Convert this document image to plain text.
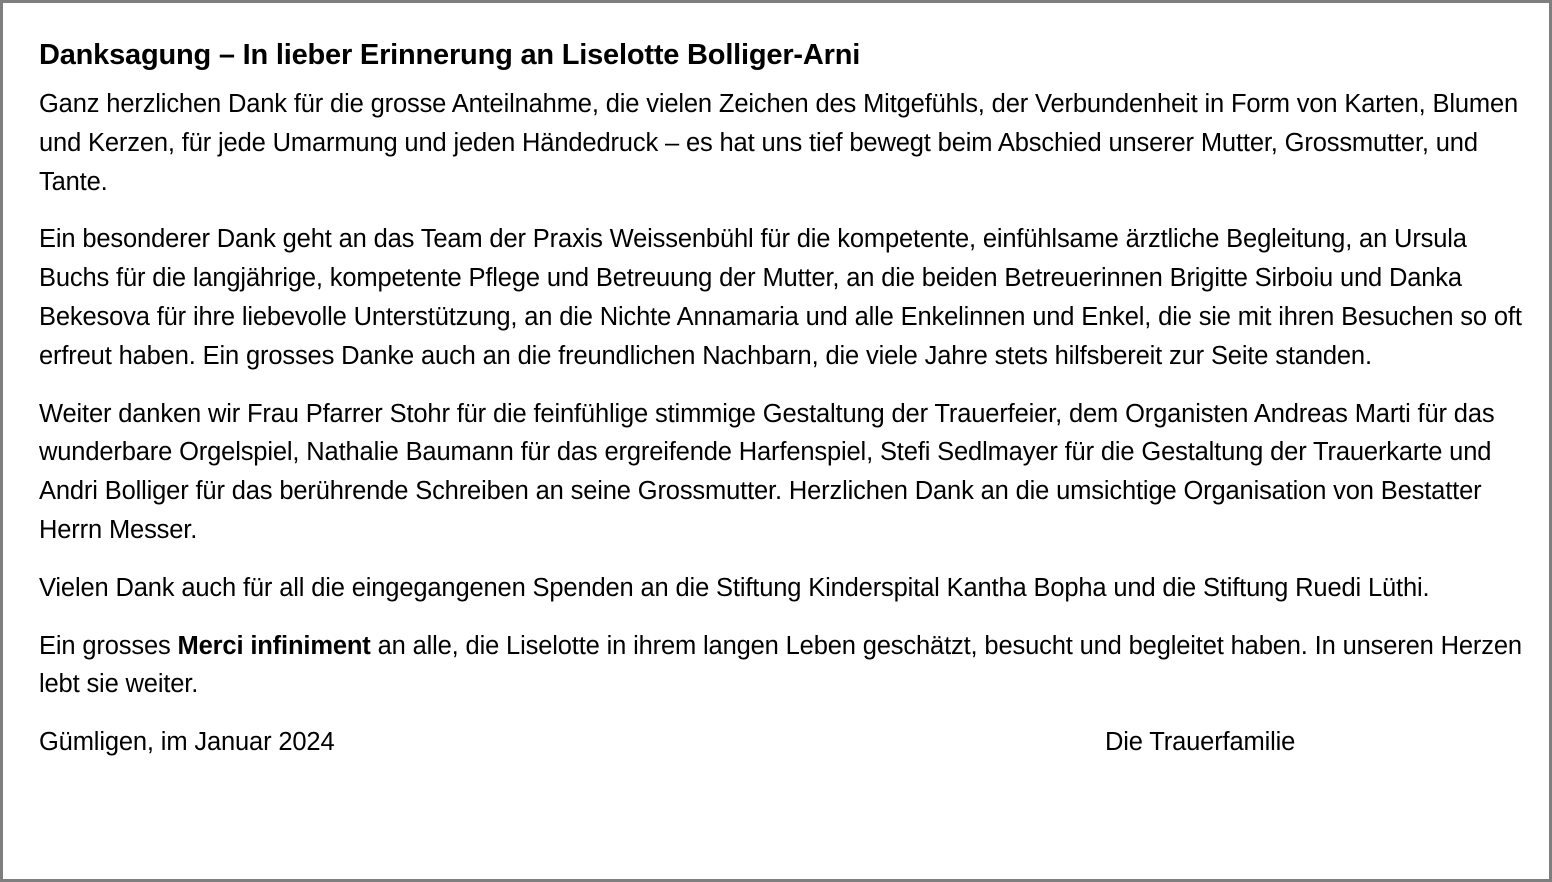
Danksagung – In lieber Erinnerung an Liselotte Bolliger-Arni

Ganz herzlichen Dank für die grosse Anteilnahme, die vielen Zeichen des Mitgefühls, der Verbundenheit in Form von Karten, Blumen und Kerzen, für jede Umarmung und jeden Händedruck – es hat uns tief bewegt beim Abschied unserer Mutter, Grossmutter, und Tante.

Ein besonderer Dank geht an das Team der Praxis Weissenbühl für die kompetente, einfühlsame ärztliche Begleitung, an Ursula Buchs für die langjährige, kompetente Pflege und Betreuung der Mutter, an die beiden Betreuerinnen Brigitte Sirboiu und Danka Bekesova für ihre liebevolle Unterstützung, an die Nichte Annamaria und alle Enkelinnen und Enkel, die sie mit ihren Besuchen so oft erfreut haben. Ein grosses Danke auch an die freundlichen Nachbarn, die viele Jahre stets hilfsbereit zur Seite standen.

Weiter danken wir Frau Pfarrer Stohr für die feinfühlige stimmige Gestaltung der Trauerfeier, dem Organisten Andreas Marti für das wunderbare Orgelspiel, Nathalie Baumann für das ergreifende Harfenspiel, Stefi Sedlmayer für die Gestaltung der Trauerkarte und Andri Bolliger für das berührende Schreiben an seine Grossmutter. Herzlichen Dank an die umsichtige Organisation von Bestatter Herrn Messer.

Vielen Dank auch für all die eingegangenen Spenden an die Stiftung Kinderspital Kantha Bopha und die Stiftung Ruedi Lüthi.

Ein grosses Merci infiniment an alle, die Liselotte in ihrem langen Leben geschätzt, besucht und begleitet haben. In unseren Herzen lebt sie weiter.

Gümligen, im Januar 2024	Die Trauerfamilie
